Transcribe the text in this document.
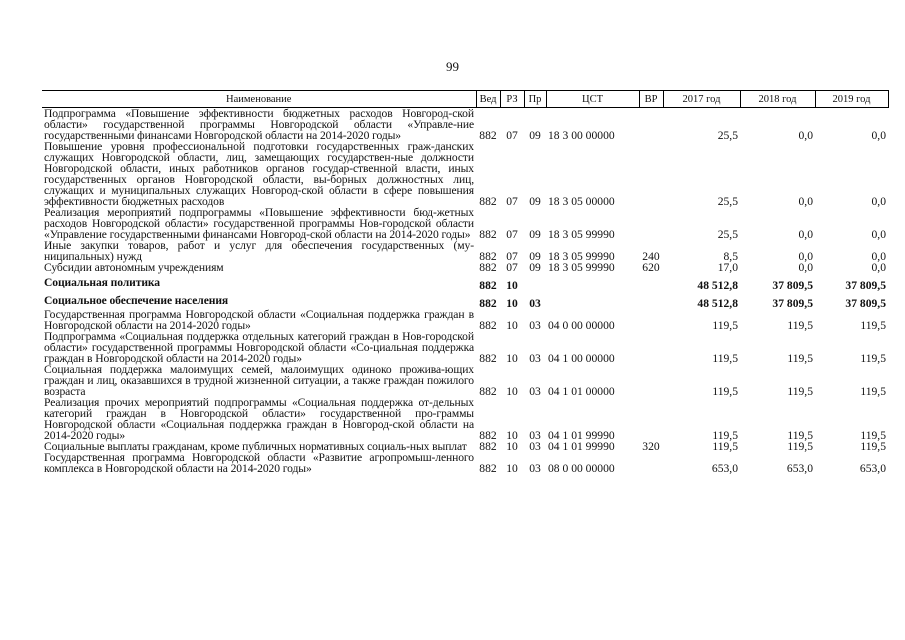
99
Наименование	Вед	РЗ	Пр	ЦСТ	ВР	2017 год	2018 год	2019 год
Подпрограмма «Повышение эффективности бюджетных расходов Новгород-ской области» государственной программы Новгородской области «Управле-ние государственными финансами Новгородской области на 2014-2020 годы»	882	07	09	18 3 00 00000		25,5	0,0	0,0
Повышение уровня профессиональной подготовки государственных граж-данских служащих Новгородской области, лиц, замещающих государствен-ные должности Новгородской области, иных работников органов государ-ственной власти, иных государственных органов Новгородской области, вы-борных должностных лиц, служащих и муниципальных служащих Новгород-ской области в сфере повышения эффективности бюджетных расходов	882	07	09	18 3 05 00000		25,5	0,0	0,0
Реализация мероприятий подпрограммы «Повышение эффективности бюд-жетных расходов Новгородской области» государственной программы Нов-городской области «Управление государственными финансами Новгород-ской области на 2014-2020 годы»	882	07	09	18 3 05 99990		25,5	0,0	0,0
Иные закупки товаров, работ и услуг для обеспечения государственных (му-ниципальных) нужд	882	07	09	18 3 05 99990	240	8,5	0,0	0,0
Субсидии автономным учреждениям	882	07	09	18 3 05 99990	620	17,0	0,0	0,0
Социальная политика	882	10				48 512,8	37 809,5	37 809,5
Социальное обеспечение населения	882	10	03			48 512,8	37 809,5	37 809,5
Государственная программа Новгородской области «Социальная поддержка граждан в Новгородской области на 2014-2020 годы»	882	10	03	04 0 00 00000		119,5	119,5	119,5
Подпрограмма «Социальная поддержка отдельных категорий граждан в Нов-городской области» государственной программы Новгородской области «Со-циальная поддержка граждан в Новгородской области на 2014-2020 годы»	882	10	03	04 1 00 00000		119,5	119,5	119,5
Социальная поддержка малоимущих семей, малоимущих одиноко прожива-ющих граждан и лиц, оказавшихся в трудной жизненной ситуации, а также граждан пожилого возраста	882	10	03	04 1 01 00000		119,5	119,5	119,5
Реализация прочих мероприятий подпрограммы «Социальная поддержка от-дельных категорий граждан в Новгородской области» государственной про-граммы Новгородской области «Социальная поддержка граждан в Новгород-ской области на 2014-2020 годы»	882	10	03	04 1 01 99990		119,5	119,5	119,5
Социальные выплаты гражданам, кроме публичных нормативных социаль-ных выплат	882	10	03	04 1 01 99990	320	119,5	119,5	119,5
Государственная программа Новгородской области «Развитие агропромыш-ленного комплекса в Новгородской области на 2014-2020 годы»	882	10	03	08 0 00 00000		653,0	653,0	653,0
